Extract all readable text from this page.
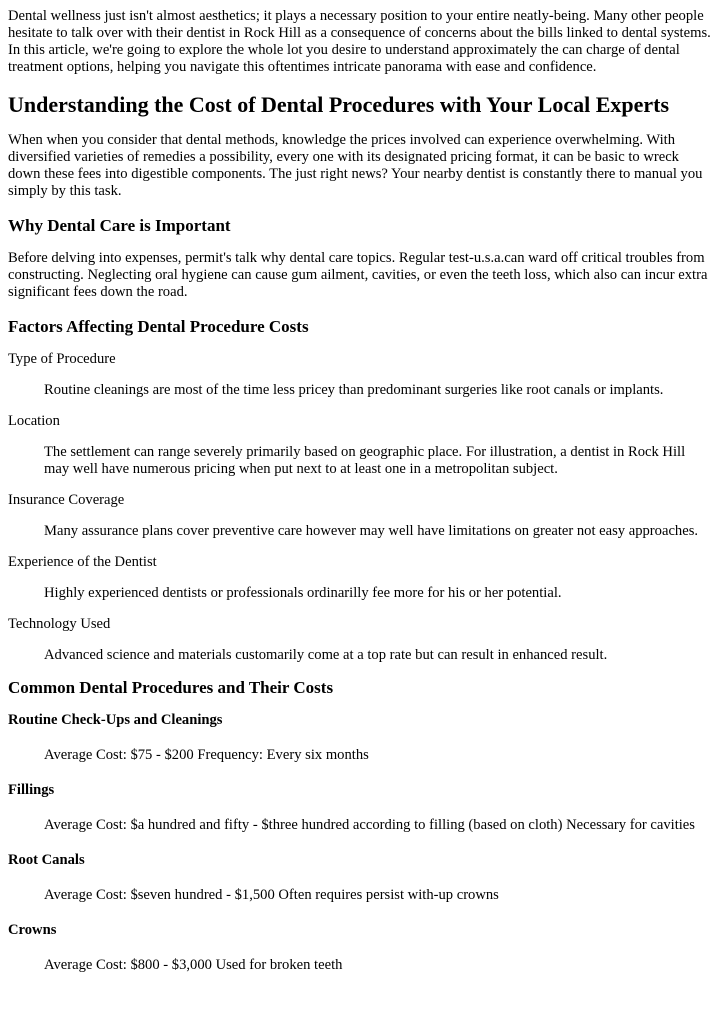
Dental wellness just isn't almost aesthetics; it plays a necessary position to your entire neatly-being. Many other people hesitate to talk over with their dentist in Rock Hill as a consequence of concerns about the bills linked to dental systems. In this article, we're going to explore the whole lot you desire to understand approximately the can charge of dental treatment options, helping you navigate this oftentimes intricate panorama with ease and confidence.

Understanding the Cost of Dental Procedures with Your Local Experts

When when you consider that dental methods, knowledge the prices involved can experience overwhelming. With diversified varieties of remedies a possibility, every one with its designated pricing format, it can be basic to wreck down these fees into digestible components. The just right news? Your nearby dentist is constantly there to manual you simply by this task.

Why Dental Care is Important

Before delving into expenses, permit's talk why dental care topics. Regular test-u.s.a.can ward off critical troubles from constructing. Neglecting oral hygiene can cause gum ailment, cavities, or even the teeth loss, which also can incur extra significant fees down the road.

Factors Affecting Dental Procedure Costs
Type of Procedure
Routine cleanings are most of the time less pricey than predominant surgeries like root canals or implants.
Location
The settlement can range severely primarily based on geographic place. For illustration, a dentist in Rock Hill may well have numerous pricing when put next to at least one in a metropolitan subject.
Insurance Coverage
Many assurance plans cover preventive care however may well have limitations on greater not easy approaches.
Experience of the Dentist
Highly experienced dentists or professionals ordinarilly fee more for his or her potential.
Technology Used
Advanced science and materials customarily come at a top rate but can result in enhanced result.
Common Dental Procedures and Their Costs
Routine Check-Ups and Cleanings
Average Cost: $75 - $200 Frequency: Every six months
Fillings
Average Cost: $a hundred and fifty - $three hundred according to filling (based on cloth) Necessary for cavities
Root Canals
Average Cost: $seven hundred - $1,500 Often requires persist with-up crowns
Crowns
Average Cost: $800 - $3,000 Used for broken teeth
